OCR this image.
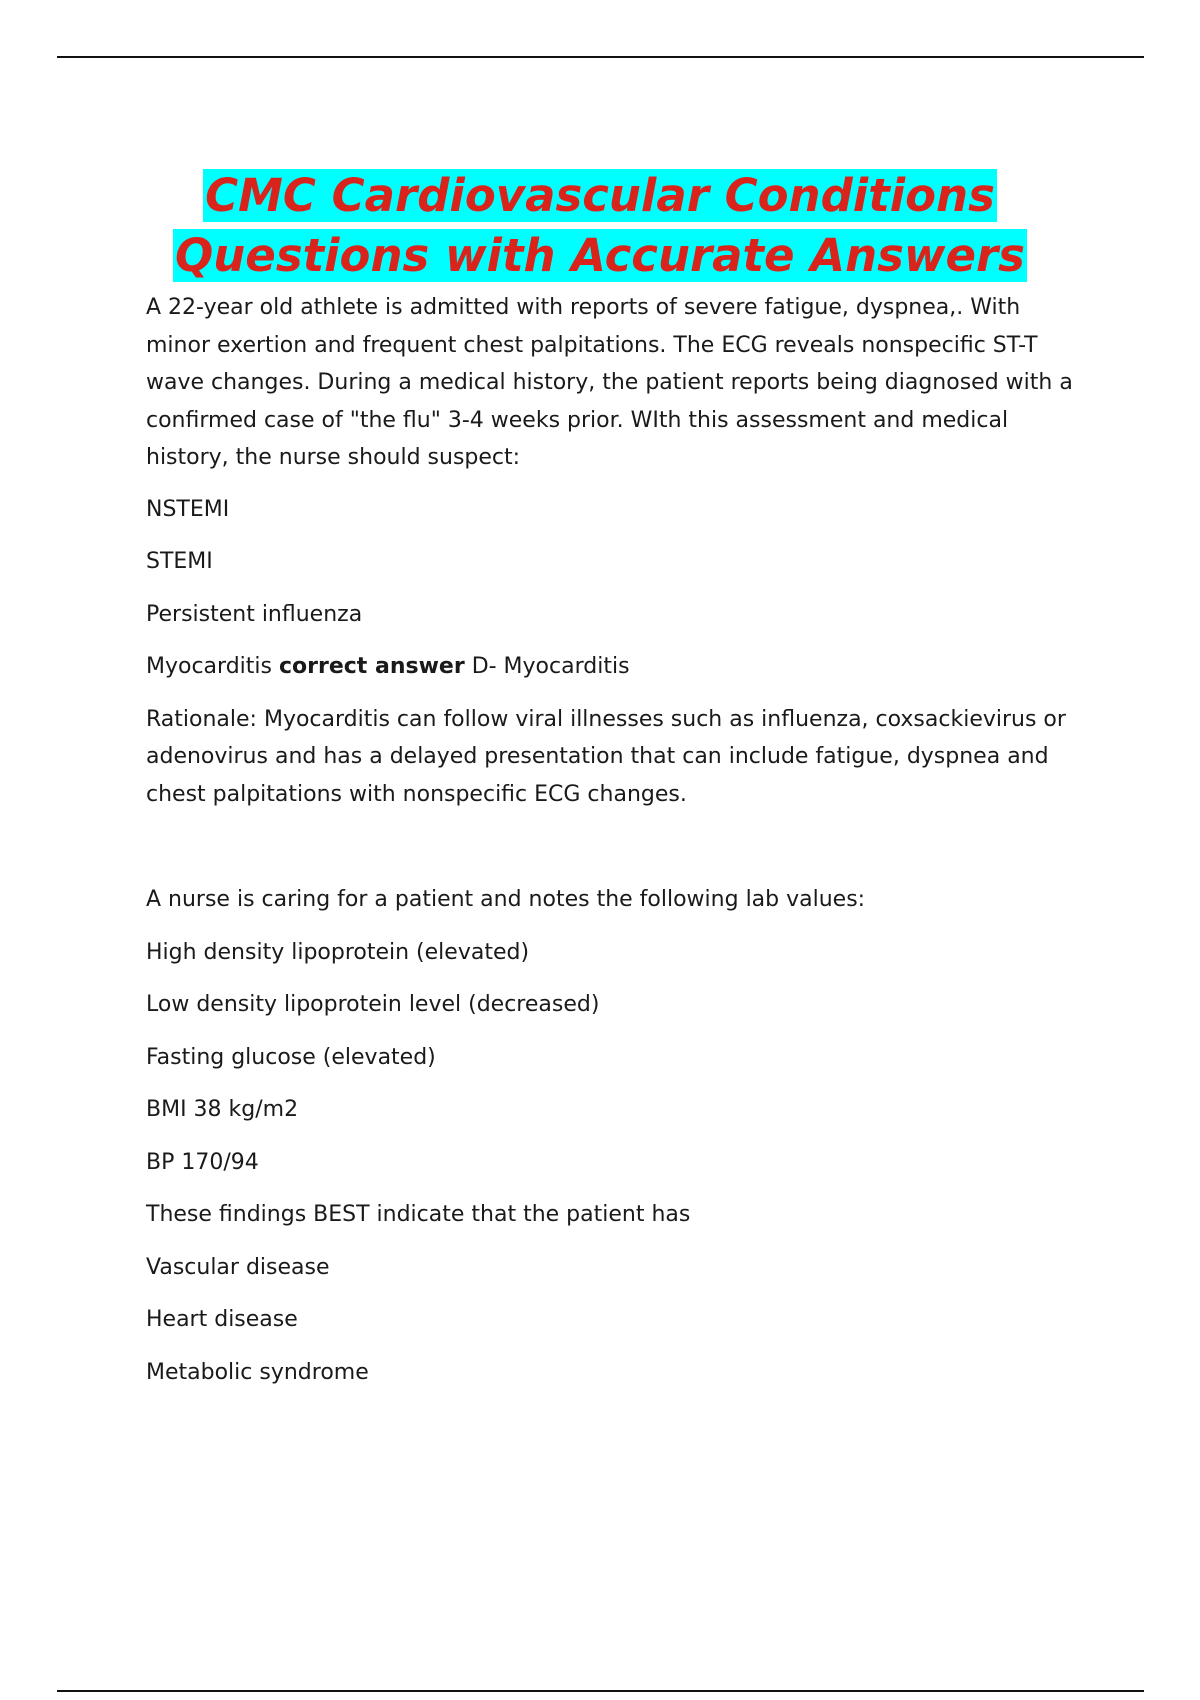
CMC Cardiovascular Conditions
Questions with Accurate Answers

A 22-year old athlete is admitted with reports of severe fatigue, dyspnea,. With minor exertion and frequent chest palpitations. The ECG reveals nonspecific ST-T wave changes. During a medical history, the patient reports being diagnosed with a confirmed case of "the flu" 3-4 weeks prior. WIth this assessment and medical history, the nurse should suspect:

NSTEMI

STEMI

Persistent influenza

Myocarditis correct answer D- Myocarditis

Rationale: Myocarditis can follow viral illnesses such as influenza, coxsackievirus or adenovirus and has a delayed presentation that can include fatigue, dyspnea and chest palpitations with nonspecific ECG changes.

A nurse is caring for a patient and notes the following lab values:

High density lipoprotein (elevated)

Low density lipoprotein level (decreased)

Fasting glucose (elevated)

BMI 38 kg/m2

BP 170/94

These findings BEST indicate that the patient has

Vascular disease

Heart disease

Metabolic syndrome
